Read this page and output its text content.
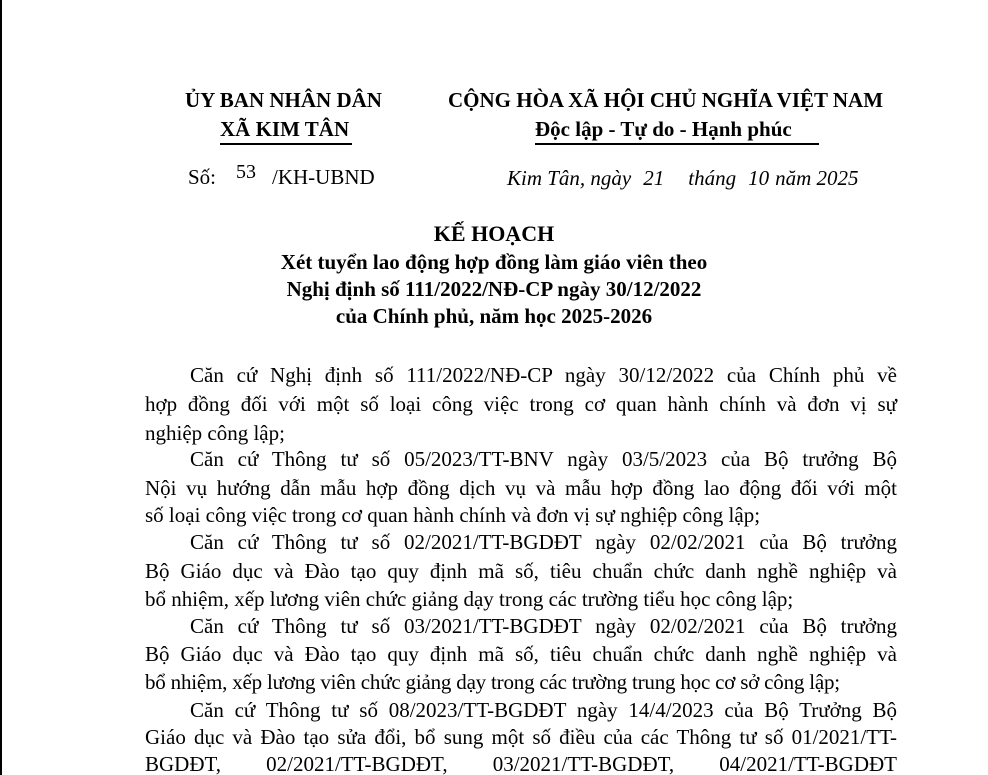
ỦY BAN NHÂN DÂN
XÃ KIM TÂN
CỘNG HÒA XÃ HỘI CHỦ NGHĨA VIỆT NAM
Độc lập - Tự do - Hạnh phúc
Số: 53 /KH-UBND	Kim Tân, ngày 21 tháng 10 năm 2025
KẾ HOẠCH
Xét tuyển lao động hợp đồng làm giáo viên theo
Nghị định số 111/2022/NĐ-CP ngày 30/12/2022
của Chính phủ, năm học 2025-2026
Căn cứ Nghị định số 111/2022/NĐ-CP ngày 30/12/2022 của Chính phủ về
hợp đồng đối với một số loại công việc trong cơ quan hành chính và đơn vị sự
nghiệp công lập;
Căn cứ Thông tư số 05/2023/TT-BNV ngày 03/5/2023 của Bộ trưởng Bộ
Nội vụ hướng dẫn mẫu hợp đồng dịch vụ và mẫu hợp đồng lao động đối với một
số loại công việc trong cơ quan hành chính và đơn vị sự nghiệp công lập;
Căn cứ Thông tư số 02/2021/TT-BGDĐT ngày 02/02/2021 của Bộ trưởng
Bộ Giáo dục và Đào tạo quy định mã số, tiêu chuẩn chức danh nghề nghiệp và
bổ nhiệm, xếp lương viên chức giảng dạy trong các trường tiểu học công lập;
Căn cứ Thông tư số 03/2021/TT-BGDĐT ngày 02/02/2021 của Bộ trưởng
Bộ Giáo dục và Đào tạo quy định mã số, tiêu chuẩn chức danh nghề nghiệp và
bổ nhiệm, xếp lương viên chức giảng dạy trong các trường trung học cơ sở công lập;
Căn cứ Thông tư số 08/2023/TT-BGDĐT ngày 14/4/2023 của Bộ Trưởng Bộ
Giáo dục và Đào tạo sửa đổi, bổ sung một số điều của các Thông tư số 01/2021/TT-
BGDĐT, 02/2021/TT-BGDĐT, 03/2021/TT-BGDĐT, 04/2021/TT-BGDĐT
